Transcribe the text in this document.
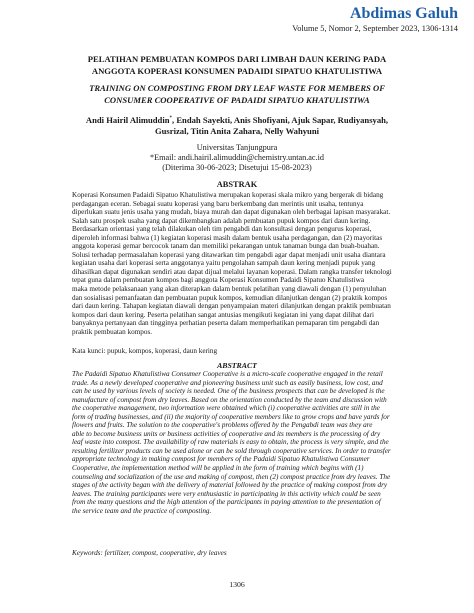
Abdimas Galuh
Volume 5, Nomor 2, September 2023, 1306-1314
PELATIHAN PEMBUATAN KOMPOS DARI LIMBAH DAUN KERING PADA
ANGGOTA KOPERASI KONSUMEN PADAIDI SIPATUO KHATULISTIWA
TRAINING ON COMPOSTING FROM DRY LEAF WASTE FOR MEMBERS OF
CONSUMER COOPERATIVE OF PADAIDI SIPATUO KHATULISTIWA
Andi Hairil Alimuddin*, Endah Sayekti, Anis Shofiyani, Ajuk Sapar, Rudiyansyah,
Gusrizal, Titin Anita Zahara, Nelly Wahyuni
Universitas Tanjungpura
*Email: andi.hairil.alimuddin@chemistry.untan.ac.id
(Diterima 30-06-2023; Disetujui 15-08-2023)
ABSTRAK
Koperasi Konsumen Padaidi Sipatuo Khatulistiwa merupakan koperasi skala mikro yang bergerak di bidang
perdagangan eceran. Sebagai suatu koperasi yang baru berkembang dan merintis unit usaha, tentunya
diperlukan suatu jenis usaha yang mudah, biaya murah dan dapat digunakan oleh berbagai lapisan masyarakat.
Salah satu prospek usaha yang dapat dikembangkan adalah pembuatan pupuk kompos dari daun kering.
Berdasarkan orientasi yang telah dilakukan oleh tim pengabdi dan konsultasi dengan pengurus koperasi,
diperoleh informasi bahwa (1) kegiatan koperasi masih dalam bentuk usaha perdagangan, dan (2) mayoritas
anggota koperasi gemar bercocok tanam dan memiliki pekarangan untuk tanaman bunga dan buah-buahan.
Solusi terhadap permasalahan koperasi yang ditawarkan tim pengabdi agar dapat menjadi unit usaha diantara
kegiatan usaha dari koperasi serta anggotanya yaitu pengolahan sampah daun kering menjadi pupuk yang
dihasilkan dapat digunakan sendiri atau dapat dijual melalui layanan koperasi. Dalam rangka transfer teknologi
tepat guna dalam pembuatan kompos bagi anggota Koperasi Konsumen Padaidi Sipatuo Khatulistiwa
maka metode pelaksanaan yang akan diterapkan dalam bentuk pelatihan yang diawali dengan (1) penyuluhan
dan sosialisasi pemanfaatan dan pembuatan pupuk kompos, kemudian dilanjutkan dengan (2) praktik kompos
dari daun kering. Tahapan kegiatan diawali dengan penyampaian materi dilanjutkan dengan praktik pembuatan
kompos dari daun kering. Peserta pelatihan sangat antusias mengikuti kegiatan ini yang dapat dilihat dari
banyaknya pertanyaan dan tingginya perhatian peserta dalam memperhatikan pemaparan tim pengabdi dan
praktik pembuatan kompos.
Kata kunci: pupuk, kompos, koperasi, daun kering
ABSTRACT
The Padaidi Sipatuo Khatulistiwa Consumer Cooperative is a micro-scale cooperative engaged in the retail
trade. As a newly developed cooperative and pioneering business unit such as easily business, low cost, and
can be used by various levels of society is needed. One of the business prospects that can be developed is the
manufacture of compost from dry leaves. Based on the orientation conducted by the team and discussion with
the cooperative management, two information were obtained which (i) cooperative activities are still in the
form of trading businesses, and (ii) the majority of cooperative members like to grow crops and have yards for
flowers and fruits. The solution to the cooperative's problems offered by the Pengabdi team was they are
able to become business units or business activities of cooperative and its members is the processing of dry
leaf waste into compost. The availability of raw materials is easy to obtain, the process is very simple, and the
resulting fertilizer products can be used alone or can be sold through cooperative services. In order to transfer
appropriate technology in making compost for members of the Padaidi Sipatuo Khatulistiwa Consumer
Cooperative, the implementation method will be applied in the form of training which begins with (1)
counseling and socialization of the use and making of compost, then (2) compost practice from dry leaves. The
stages of the activity began with the delivery of material followed by the practice of making compost from dry
leaves. The training participants were very enthusiastic in participating in this activity which could be seen
from the many questions and the high attention of the participants in paying attention to the presentation of
the service team and the practice of composting.
Keywords: fertilizer, compost, cooperative, dry leaves
1306
